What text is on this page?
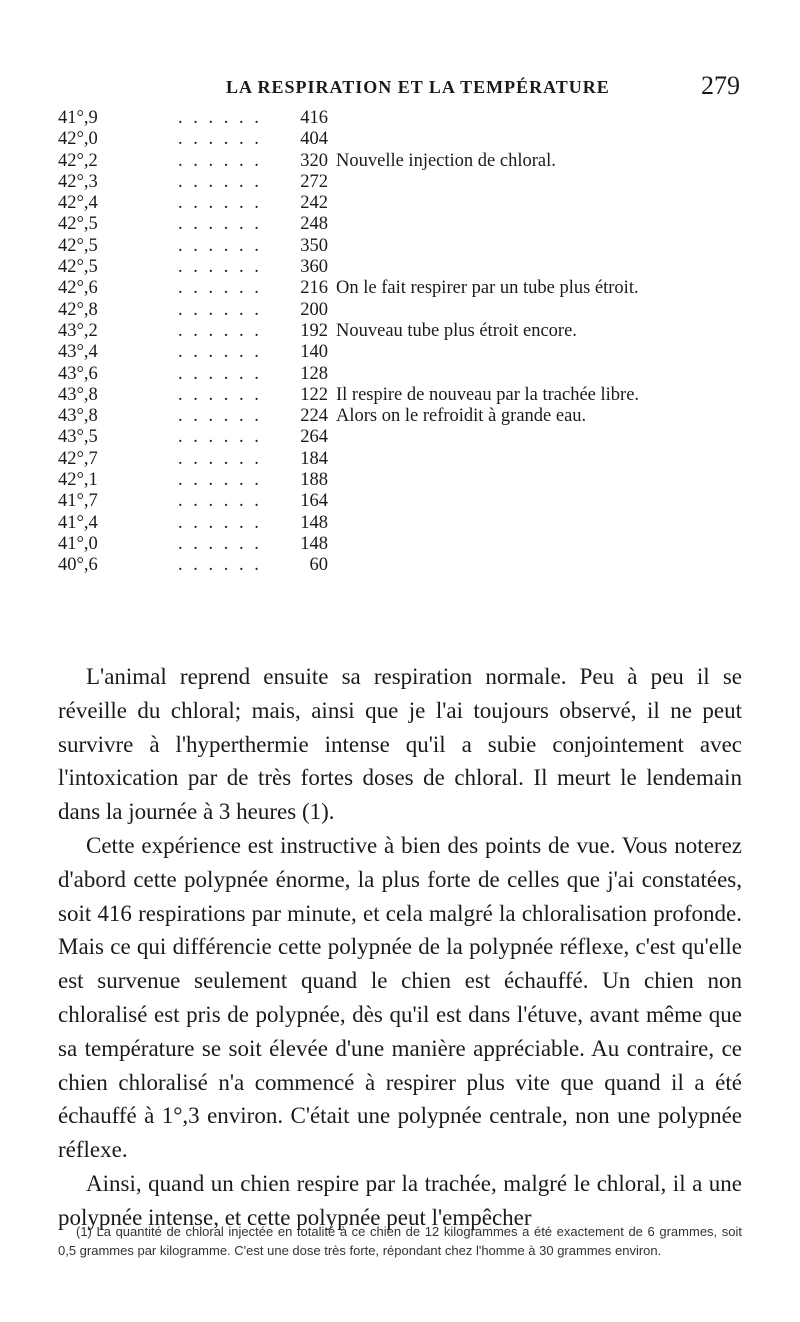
LA RESPIRATION ET LA TEMPÉRATURE	279
41°,9	. . . . . .	416
42°,0	. . . . . .	404
42°,2	. . . . . .	320 Nouvelle injection de chloral.
42°,3	. . . . . .	272
42°,4	. . . . . .	242
42°,5	. . . . . .	248
42°,5	. . . . . .	350
42°,5	. . . . . .	360
42°,6	. . . . . .	216 On le fait respirer par un tube plus étroit.
42°,8	. . . . . .	200
43°,2	. . . . . .	192 Nouveau tube plus étroit encore.
43°,4	. . . . . .	140
43°,6	. . . . . .	128
43°,8	. . . . . .	122 Il respire de nouveau par la trachée libre.
43°,8	. . . . . .	224 Alors on le refroidit à grande eau.
43°,5	. . . . . .	264
42°,7	. . . . . .	184
42°,1	. . . . . .	188
41°,7	. . . . . .	164
41°,4	. . . . . .	148
41°,0	. . . . . .	148
40°,6	. . . . . .	60

L'animal reprend ensuite sa respiration normale. Peu à peu il se réveille du chloral; mais, ainsi que je l'ai toujours observé, il ne peut survivre à l'hyperthermie intense qu'il a subie conjointement avec l'intoxication par de très fortes doses de chloral. Il meurt le lendemain dans la journée à 3 heures (1).

Cette expérience est instructive à bien des points de vue. Vous noterez d'abord cette polypnée énorme, la plus forte de celles que j'ai constatées, soit 416 respirations par minute, et cela malgré la chloralisation profonde. Mais ce qui différencie cette polypnée de la polypnée réflexe, c'est qu'elle est survenue seulement quand le chien est échauffé. Un chien non chloralisé est pris de polypnée, dès qu'il est dans l'étuve, avant même que sa température se soit élevée d'une manière appréciable. Au contraire, ce chien chloralisé n'a commencé à respirer plus vite que quand il a été échauffé à 1°,3 environ. C'était une polypnée centrale, non une polypnée réflexe.

Ainsi, quand un chien respire par la trachée, malgré le chloral, il a une polypnée intense, et cette polypnée peut l'empêcher

(1) La quantité de chloral injectée en totalité à ce chien de 12 kilogrammes a été exactement de 6 grammes, soit 0,5 grammes par kilogramme. C'est une dose très forte, répondant chez l'homme à 30 grammes environ.
